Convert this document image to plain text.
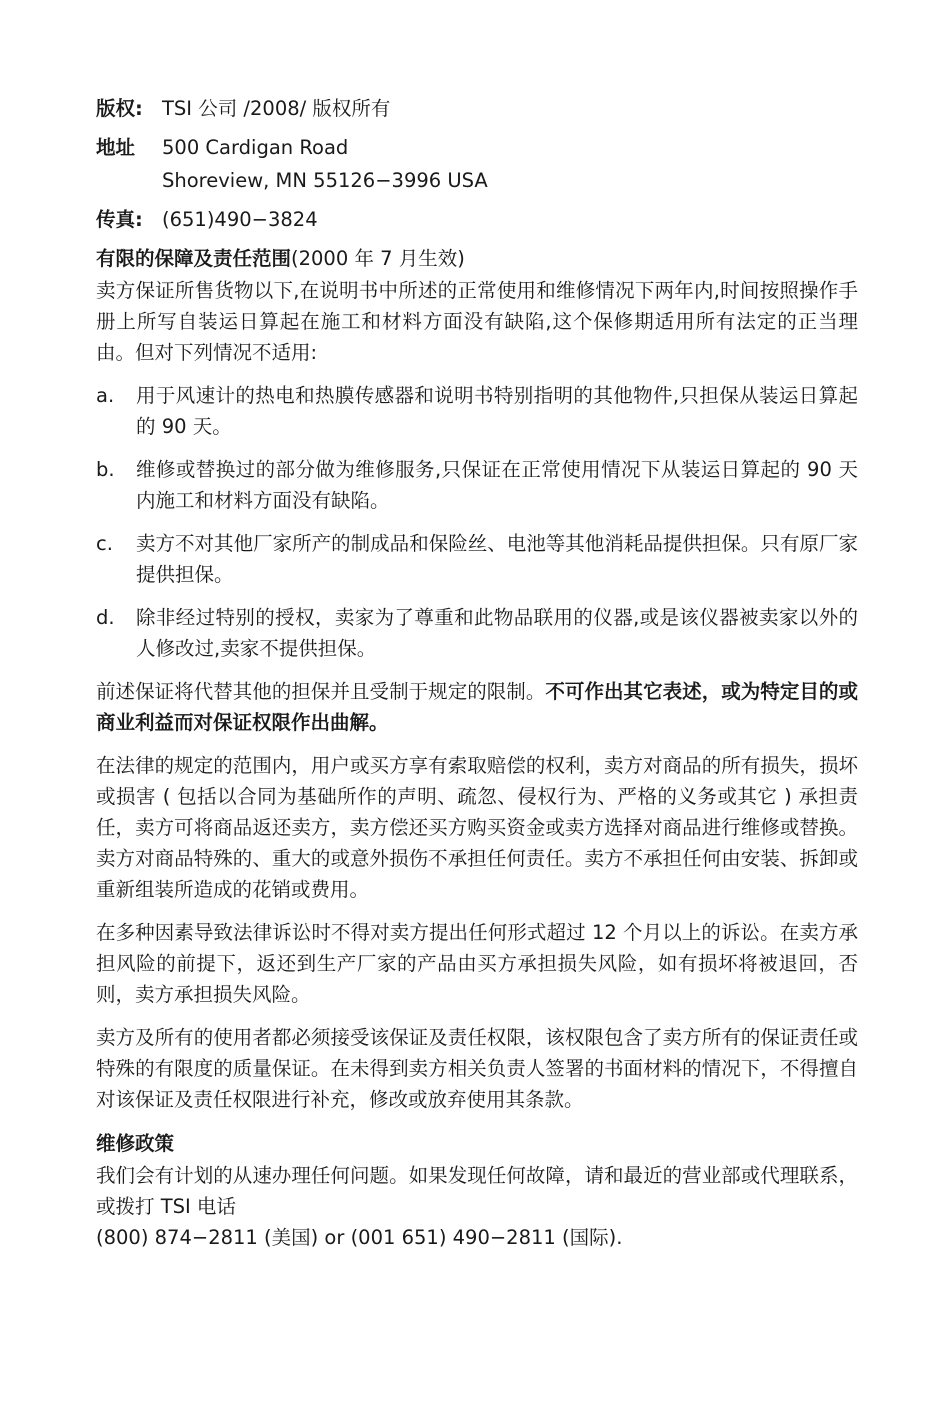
版权: TSI 公司 /2008/ 版权所有
地址	500 Cardigan Road
Shoreview, MN 55126−3996 USA
传真: (651)490−3824
有限的保障及责任范围(2000 年 7 月生效)

卖方保证所售货物以下,在说明书中所述的正常使用和维修情况下两年内,时间按照操作手册上所写自装运日算起在施工和材料方面没有缺陷,这个保修期适用所有法定的正当理由。但对下列情况不适用:

a.	用于风速计的热电和热膜传感器和说明书特别指明的其他物件,只担保从装运日算起的 90 天。
b.	维修或替换过的部分做为维修服务,只保证在正常使用情况下从装运日算起的 90 天内施工和材料方面没有缺陷。
c.	卖方不对其他厂家所产的制成品和保险丝、电池等其他消耗品提供担保。只有原厂家提供担保。
d.	除非经过特别的授权，卖家为了尊重和此物品联用的仪器,或是该仪器被卖家以外的人修改过,卖家不提供担保。

前述保证将代替其他的担保并且受制于规定的限制。不可作出其它表述，或为特定目的或商业利益而对保证权限作出曲解。

在法律的规定的范围内，用户或买方享有索取赔偿的权利，卖方对商品的所有损失，损坏或损害 ( 包括以合同为基础所作的声明、疏忽、侵权行为、严格的义务或其它 ) 承担责任，卖方可将商品返还卖方，卖方偿还买方购买资金或卖方选择对商品进行维修或替换。卖方对商品特殊的、重大的或意外损伤不承担任何责任。卖方不承担任何由安装、拆卸或重新组装所造成的花销或费用。

在多种因素导致法律诉讼时不得对卖方提出任何形式超过 12 个月以上的诉讼。在卖方承担风险的前提下，返还到生产厂家的产品由买方承担损失风险，如有损坏将被退回，否则，卖方承担损失风险。

卖方及所有的使用者都必须接受该保证及责任权限，该权限包含了卖方所有的保证责任或特殊的有限度的质量保证。在未得到卖方相关负责人签署的书面材料的情况下，不得擅自对该保证及责任权限进行补充，修改或放弃使用其条款。

维修政策

我们会有计划的从速办理任何问题。如果发现任何故障，请和最近的营业部或代理联系，或拨打 TSI 电话

(800) 874−2811 (美国) or (001 651) 490−2811 (国际).
